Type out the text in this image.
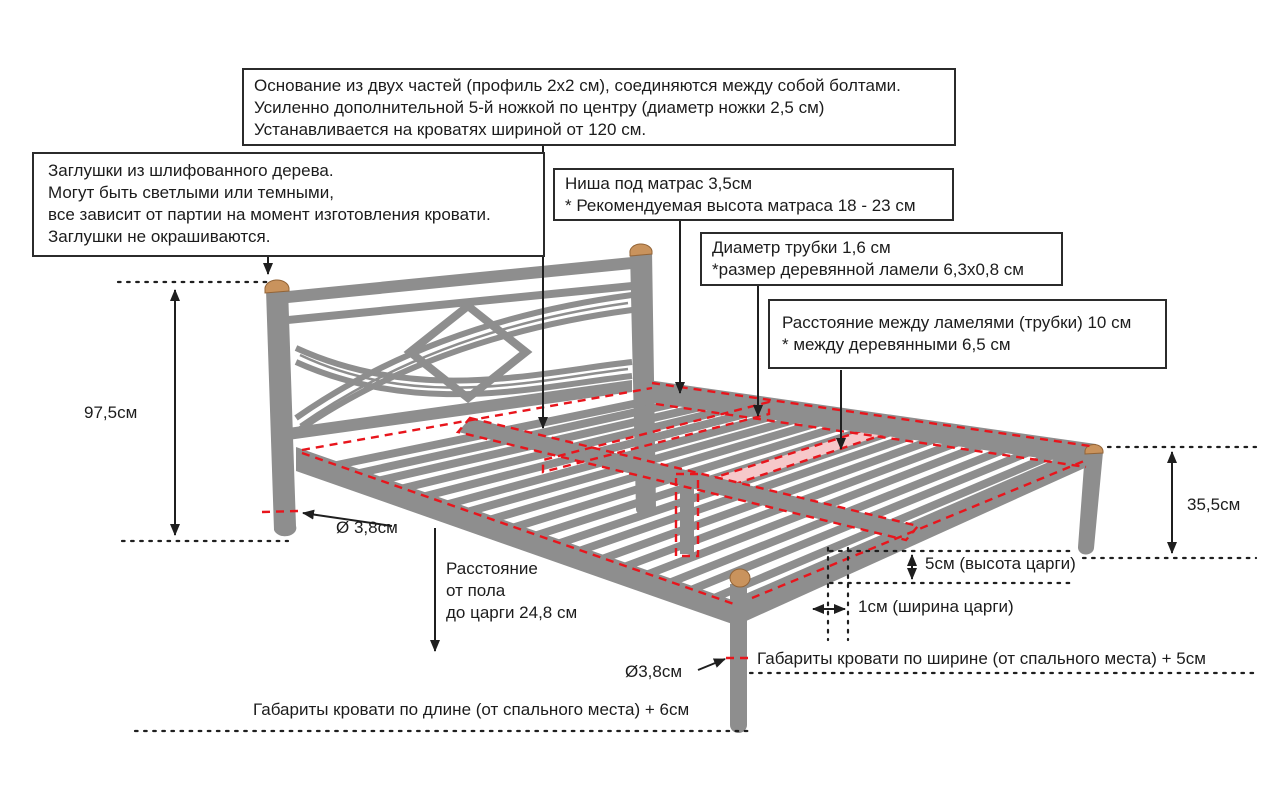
Основание из двух частей (профиль 2x2 см), соединяются между собой болтами.
Усиленно дополнительной 5-й ножкой по центру (диаметр ножки 2,5 см)
Устанавливается на кроватях шириной от 120 см.
Заглушки из шлифованного дерева.
Могут быть светлыми или темными,
все зависит от партии на момент изготовления кровати.
Заглушки не окрашиваются.
Ниша под матрас 3,5см
* Рекомендуемая высота матраса 18 - 23 см
Диаметр трубки 1,6 см
*размер деревянной ламели 6,3x0,8 см
Расстояние между ламелями (трубки) 10 см
* между деревянными 6,5 см
97,5см
Ø 3,8см
Расстояние
от пола
до царги 24,8 см
35,5см
5см (высота царги)
1см (ширина царги)
Ø3,8см
Габариты кровати по ширине (от спального места) + 5см
Габариты кровати по длине (от спального места) + 6см
